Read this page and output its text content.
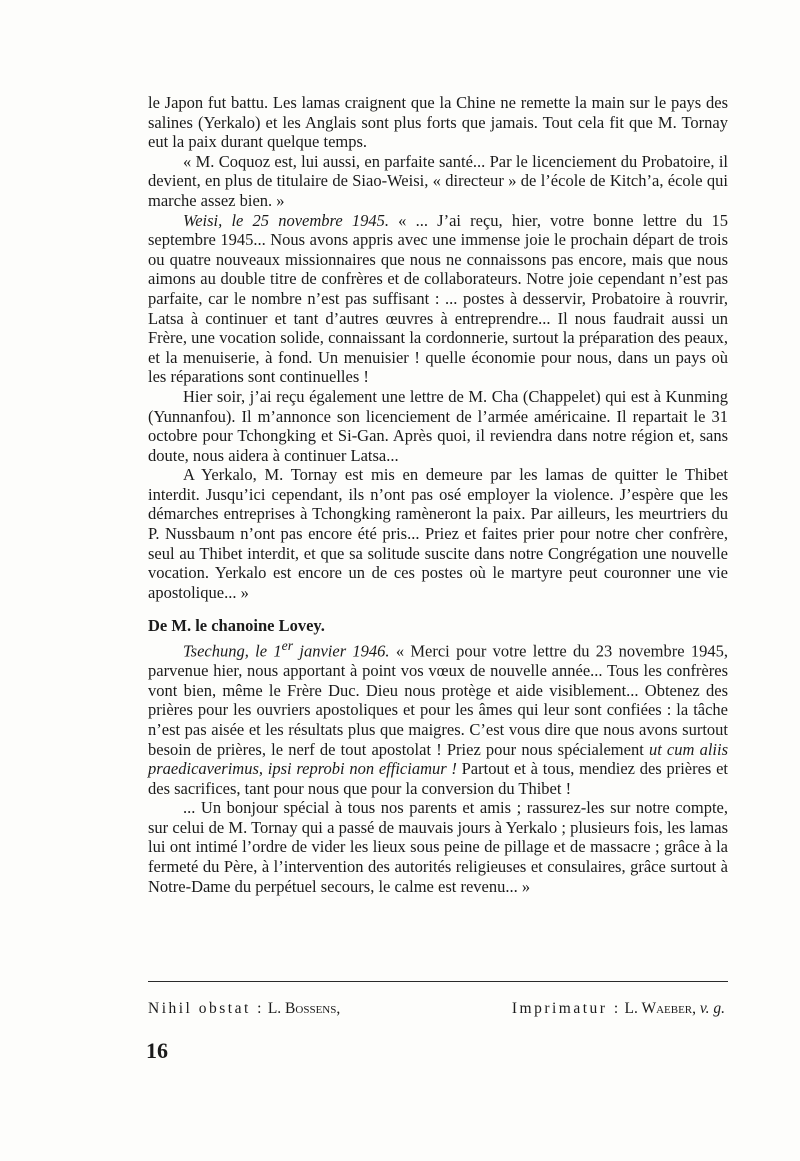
le Japon fut battu. Les lamas craignent que la Chine ne remette la main sur le pays des salines (Yerkalo) et les Anglais sont plus forts que jamais. Tout cela fit que M. Tornay eut la paix durant quelque temps.

« M. Coquoz est, lui aussi, en parfaite santé... Par le licenciement du Probatoire, il devient, en plus de titulaire de Siao-Weisi, « directeur » de l’école de Kitch’a, école qui marche assez bien. »

Weisi, le 25 novembre 1945. « ... J’ai reçu, hier, votre bonne lettre du 15 septembre 1945... Nous avons appris avec une immense joie le prochain départ de trois ou quatre nouveaux missionnaires que nous ne connaissons pas encore, mais que nous aimons au double titre de confrères et de collaborateurs. Notre joie cependant n’est pas parfaite, car le nombre n’est pas suffisant : ... postes à desservir, Probatoire à rouvrir, Latsa à continuer et tant d’autres œuvres à entreprendre... Il nous faudrait aussi un Frère, une vocation solide, connaissant la cordonnerie, surtout la préparation des peaux, et la menuiserie, à fond. Un menuisier ! quelle économie pour nous, dans un pays où les réparations sont continuelles !

Hier soir, j’ai reçu également une lettre de M. Cha (Chappelet) qui est à Kunming (Yunnanfou). Il m’annonce son licenciement de l’armée américaine. Il repartait le 31 octobre pour Tchongking et Si-Gan. Après quoi, il reviendra dans notre région et, sans doute, nous aidera à continuer Latsa...

A Yerkalo, M. Tornay est mis en demeure par les lamas de quitter le Thibet interdit. Jusqu’ici cependant, ils n’ont pas osé employer la violence. J’espère que les démarches entreprises à Tchongking ramèneront la paix. Par ailleurs, les meurtriers du P. Nussbaum n’ont pas encore été pris... Priez et faites prier pour notre cher confrère, seul au Thibet interdit, et que sa solitude suscite dans notre Congrégation une nouvelle vocation. Yerkalo est encore un de ces postes où le martyre peut couronner une vie apostolique... »

De M. le chanoine Lovey.

Tsechung, le 1er janvier 1946. « Merci pour votre lettre du 23 novembre 1945, parvenue hier, nous apportant à point vos vœux de nouvelle année... Tous les confrères vont bien, même le Frère Duc. Dieu nous protège et aide visiblement... Obtenez des prières pour les ouvriers apostoliques et pour les âmes qui leur sont confiées : la tâche n’est pas aisée et les résultats plus que maigres. C’est vous dire que nous avons surtout besoin de prières, le nerf de tout apostolat ! Priez pour nous spécialement ut cum aliis praedicaverimus, ipsi reprobi non efficiamur ! Partout et à tous, mendiez des prières et des sacrifices, tant pour nous que pour la conversion du Thibet !

... Un bonjour spécial à tous nos parents et amis ; rassurez-les sur notre compte, sur celui de M. Tornay qui a passé de mauvais jours à Yerkalo ; plusieurs fois, les lamas lui ont intimé l’ordre de vider les lieux sous peine de pillage et de massacre ; grâce à la fermeté du Père, à l’intervention des autorités religieuses et consulaires, grâce surtout à Notre-Dame du perpétuel secours, le calme est revenu... »

Nihil obstat : L. Bossens,	Imprimatur : L. Waeber, v. g.
16
